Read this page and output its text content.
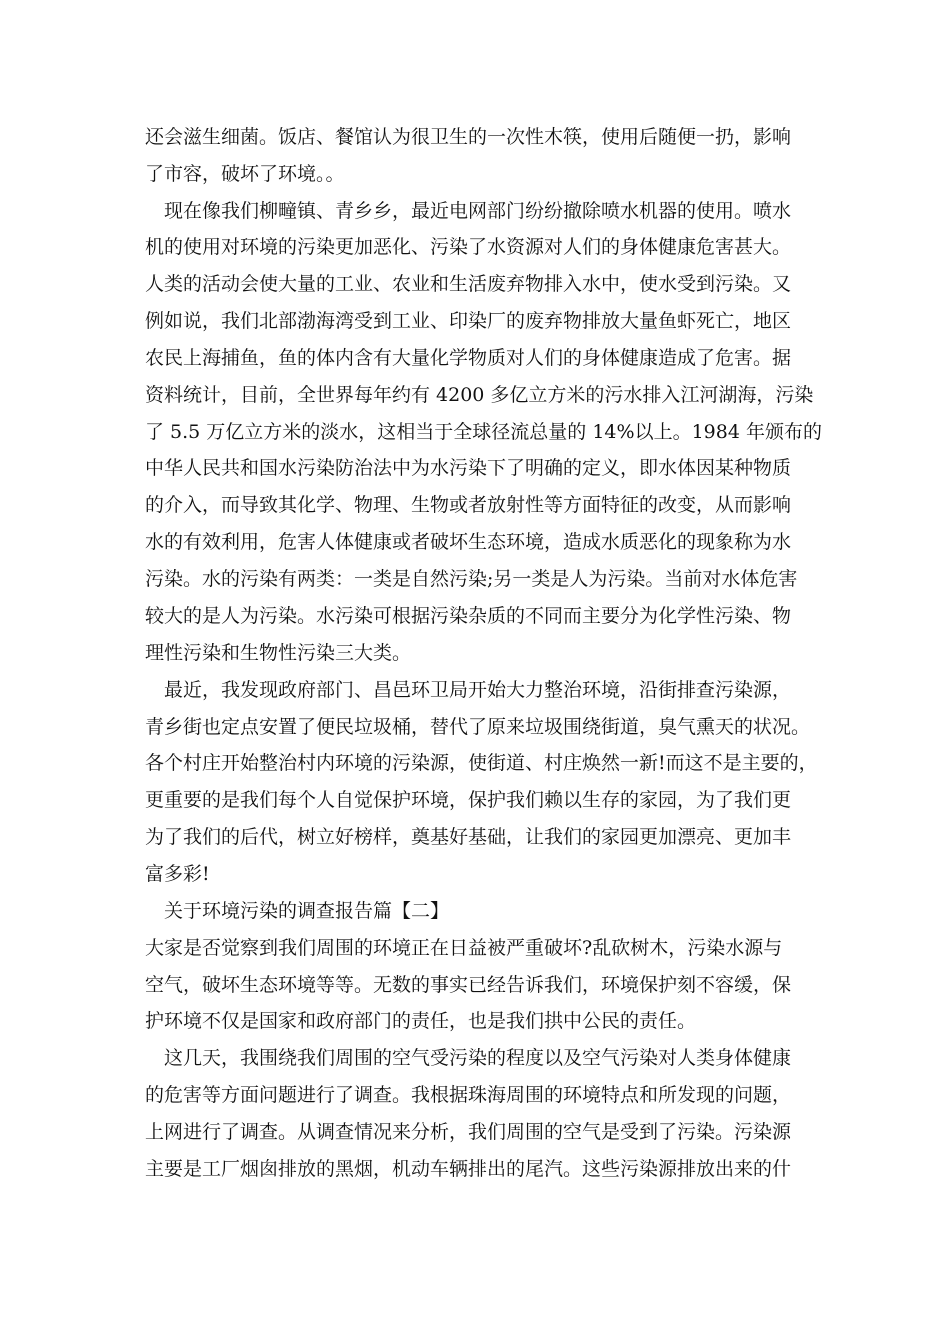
还会滋生细菌。饭店、餐馆认为很卫生的一次性木筷，使用后随便一扔，影响
了市容，破坏了环境。。
　现在像我们柳疃镇、青乡乡，最近电网部门纷纷撤除喷水机器的使用。喷水
机的使用对环境的污染更加恶化、污染了水资源对人们的身体健康危害甚大。
人类的活动会使大量的工业、农业和生活废弃物排入水中，使水受到污染。又
例如说，我们北部渤海湾受到工业、印染厂的废弃物排放大量鱼虾死亡，地区
农民上海捕鱼，鱼的体内含有大量化学物质对人们的身体健康造成了危害。据
资料统计，目前，全世界每年约有 4200 多亿立方米的污水排入江河湖海，污染
了 5.5 万亿立方米的淡水，这相当于全球径流总量的 14%以上。1984 年颁布的
中华人民共和国水污染防治法中为水污染下了明确的定义，即水体因某种物质
的介入，而导致其化学、物理、生物或者放射性等方面特征的改变，从而影响
水的有效利用，危害人体健康或者破坏生态环境，造成水质恶化的现象称为水
污染。水的污染有两类：一类是自然污染;另一类是人为污染。当前对水体危害
较大的是人为污染。水污染可根据污染杂质的不同而主要分为化学性污染、物
理性污染和生物性污染三大类。
　最近，我发现政府部门、昌邑环卫局开始大力整治环境，沿街排查污染源，
青乡街也定点安置了便民垃圾桶，替代了原来垃圾围绕街道，臭气熏天的状况。
各个村庄开始整治村内环境的污染源，使街道、村庄焕然一新!而这不是主要的，
更重要的是我们每个人自觉保护环境，保护我们赖以生存的家园，为了我们更
为了我们的后代，树立好榜样，奠基好基础，让我们的家园更加漂亮、更加丰
富多彩!
　关于环境污染的调查报告篇【二】
大家是否觉察到我们周围的环境正在日益被严重破坏?乱砍树木，污染水源与
空气，破坏生态环境等等。无数的事实已经告诉我们，环境保护刻不容缓，保
护环境不仅是国家和政府部门的责任，也是我们拱中公民的责任。
　这几天，我围绕我们周围的空气受污染的程度以及空气污染对人类身体健康
的危害等方面问题进行了调查。我根据珠海周围的环境特点和所发现的问题，
上网进行了调查。从调查情况来分析，我们周围的空气是受到了污染。污染源
主要是工厂烟囱排放的黑烟，机动车辆排出的尾汽。这些污染源排放出来的什
